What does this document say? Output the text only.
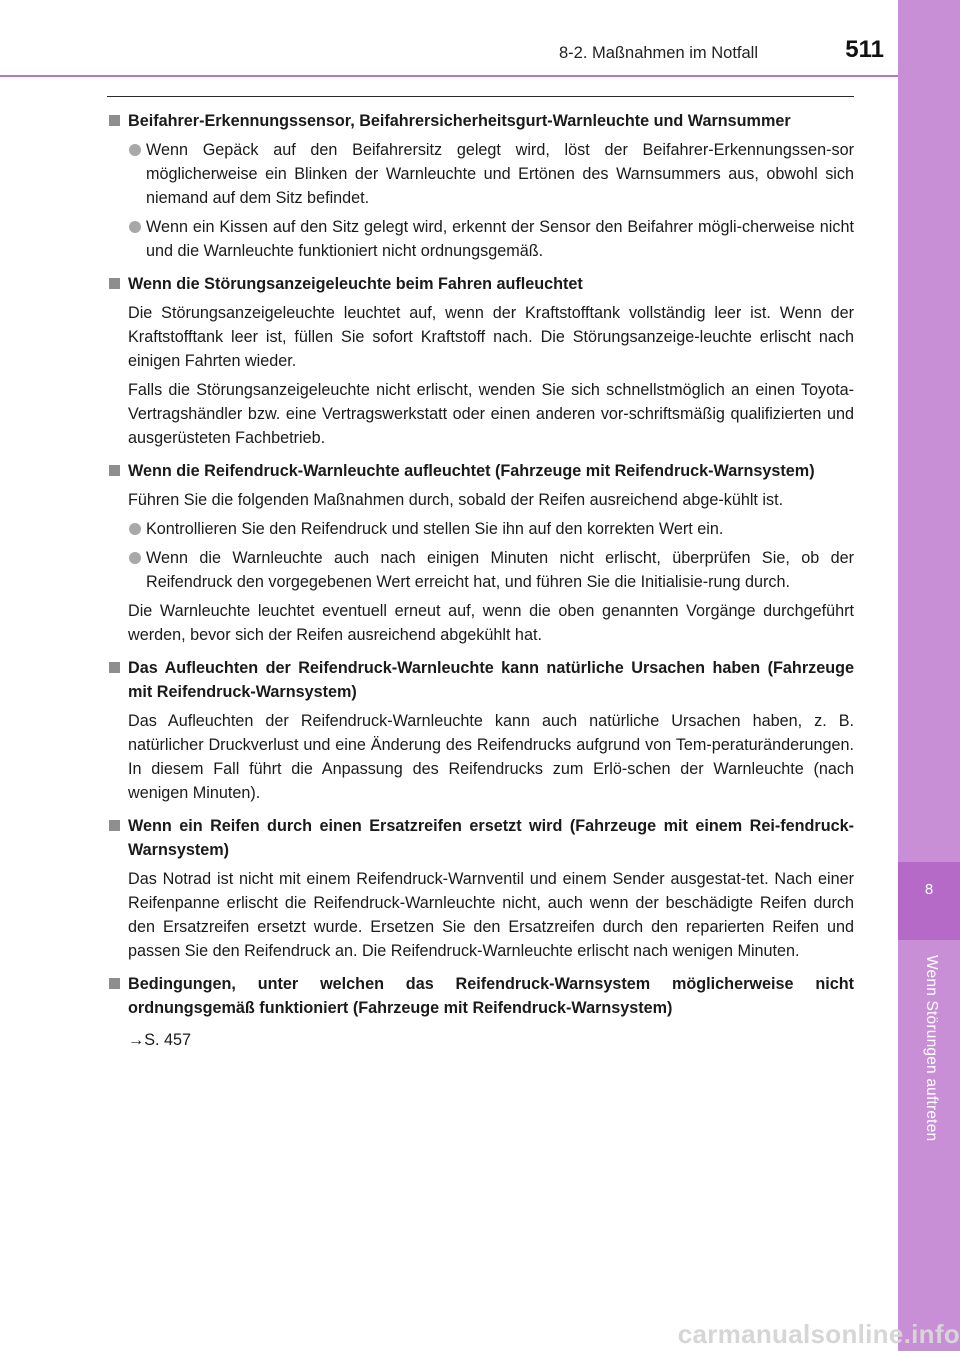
8-2. Maßnahmen im Notfall	511
8
Wenn Störungen auftreten
Beifahrer-Erkennungssensor, Beifahrersicherheitsgurt-Warnleuchte und Warnsummer
Wenn Gepäck auf den Beifahrersitz gelegt wird, löst der Beifahrer-Erkennungssen-sor möglicherweise ein Blinken der Warnleuchte und Ertönen des Warnsummers aus, obwohl sich niemand auf dem Sitz befindet.
Wenn ein Kissen auf den Sitz gelegt wird, erkennt der Sensor den Beifahrer mögli-cherweise nicht und die Warnleuchte funktioniert nicht ordnungsgemäß.
Wenn die Störungsanzeigeleuchte beim Fahren aufleuchtet
Die Störungsanzeigeleuchte leuchtet auf, wenn der Kraftstofftank vollständig leer ist. Wenn der Kraftstofftank leer ist, füllen Sie sofort Kraftstoff nach. Die Störungsanzeige-leuchte erlischt nach einigen Fahrten wieder.
Falls die Störungsanzeigeleuchte nicht erlischt, wenden Sie sich schnellstmöglich an einen Toyota-Vertragshändler bzw. eine Vertragswerkstatt oder einen anderen vor-schriftsmäßig qualifizierten und ausgerüsteten Fachbetrieb.
Wenn die Reifendruck-Warnleuchte aufleuchtet (Fahrzeuge mit Reifendruck-Warnsystem)
Führen Sie die folgenden Maßnahmen durch, sobald der Reifen ausreichend abge-kühlt ist.
Kontrollieren Sie den Reifendruck und stellen Sie ihn auf den korrekten Wert ein.
Wenn die Warnleuchte auch nach einigen Minuten nicht erlischt, überprüfen Sie, ob der Reifendruck den vorgegebenen Wert erreicht hat, und führen Sie die Initialisie-rung durch.
Die Warnleuchte leuchtet eventuell erneut auf, wenn die oben genannten Vorgänge durchgeführt werden, bevor sich der Reifen ausreichend abgekühlt hat.
Das Aufleuchten der Reifendruck-Warnleuchte kann natürliche Ursachen haben (Fahrzeuge mit Reifendruck-Warnsystem)
Das Aufleuchten der Reifendruck-Warnleuchte kann auch natürliche Ursachen haben, z. B. natürlicher Druckverlust und eine Änderung des Reifendrucks aufgrund von Tem-peraturänderungen. In diesem Fall führt die Anpassung des Reifendrucks zum Erlö-schen der Warnleuchte (nach wenigen Minuten).
Wenn ein Reifen durch einen Ersatzreifen ersetzt wird (Fahrzeuge mit einem Rei-fendruck-Warnsystem)
Das Notrad ist nicht mit einem Reifendruck-Warnventil und einem Sender ausgestat-tet. Nach einer Reifenpanne erlischt die Reifendruck-Warnleuchte nicht, auch wenn der beschädigte Reifen durch den Ersatzreifen ersetzt wurde. Ersetzen Sie den Ersatzreifen durch den reparierten Reifen und passen Sie den Reifendruck an. Die Reifendruck-Warnleuchte erlischt nach wenigen Minuten.
Bedingungen, unter welchen das Reifendruck-Warnsystem möglicherweise nicht ordnungsgemäß funktioniert (Fahrzeuge mit Reifendruck-Warnsystem)
→S. 457
carmanualsonline.info
